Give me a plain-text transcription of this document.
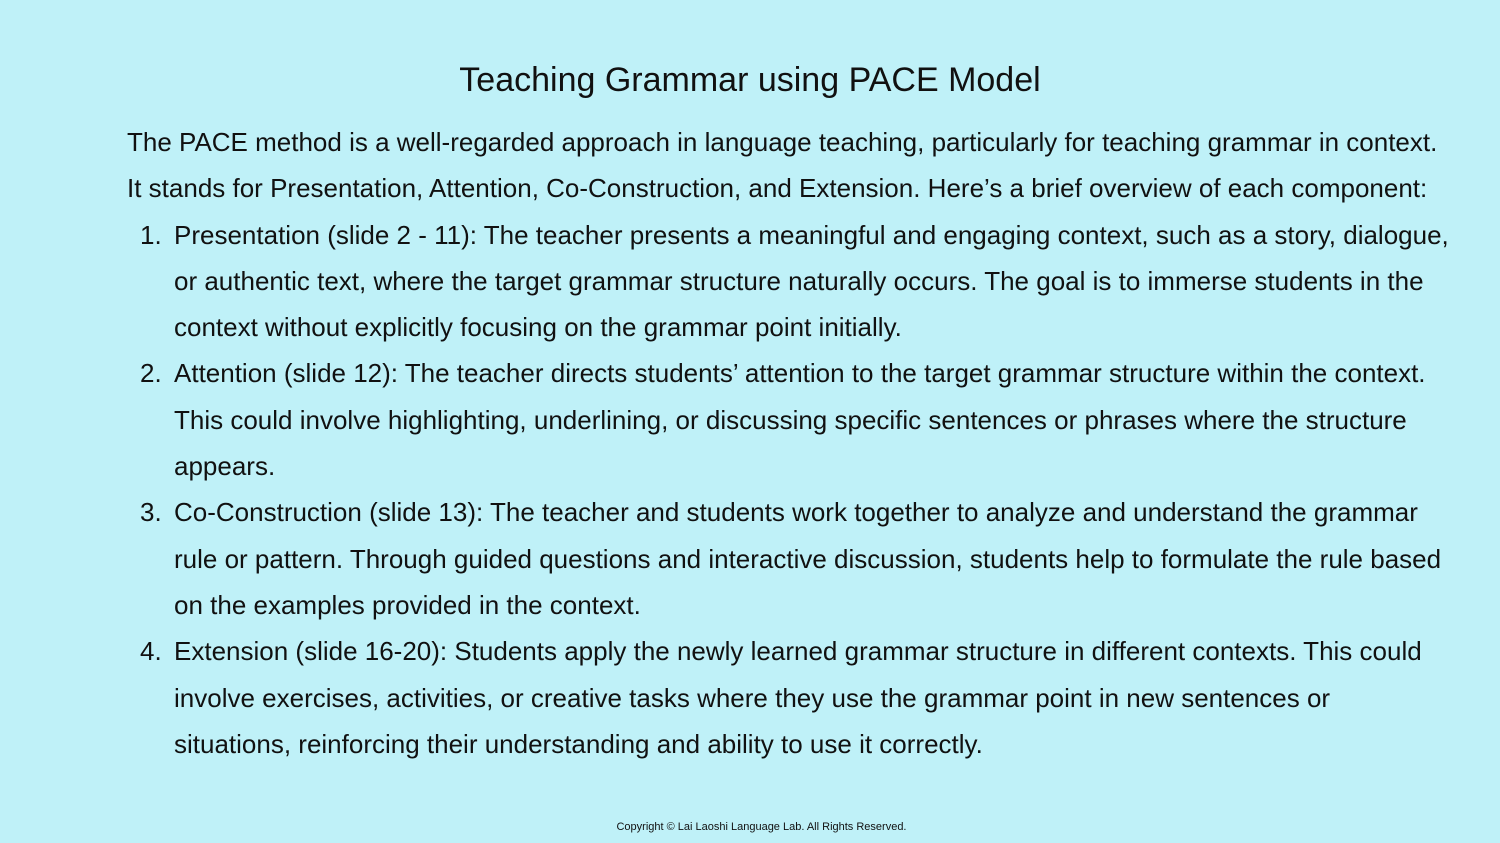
Teaching Grammar using PACE Model

The PACE method is a well-regarded approach in language teaching, particularly for teaching grammar in context. It stands for Presentation, Attention, Co-Construction, and Extension. Here’s a brief overview of each component:

1. Presentation (slide 2 - 11): The teacher presents a meaningful and engaging context, such as a story, dialogue, or authentic text, where the target grammar structure naturally occurs. The goal is to immerse students in the context without explicitly focusing on the grammar point initially.
2. Attention (slide 12): The teacher directs students’ attention to the target grammar structure within the context. This could involve highlighting, underlining, or discussing specific sentences or phrases where the structure appears.
3. Co-Construction (slide 13): The teacher and students work together to analyze and understand the grammar rule or pattern. Through guided questions and interactive discussion, students help to formulate the rule based on the examples provided in the context.
4. Extension (slide 16-20): Students apply the newly learned grammar structure in different contexts. This could involve exercises, activities, or creative tasks where they use the grammar point in new sentences or situations, reinforcing their understanding and ability to use it correctly.
Copyright © Lai Laoshi Language Lab. All Rights Reserved.
